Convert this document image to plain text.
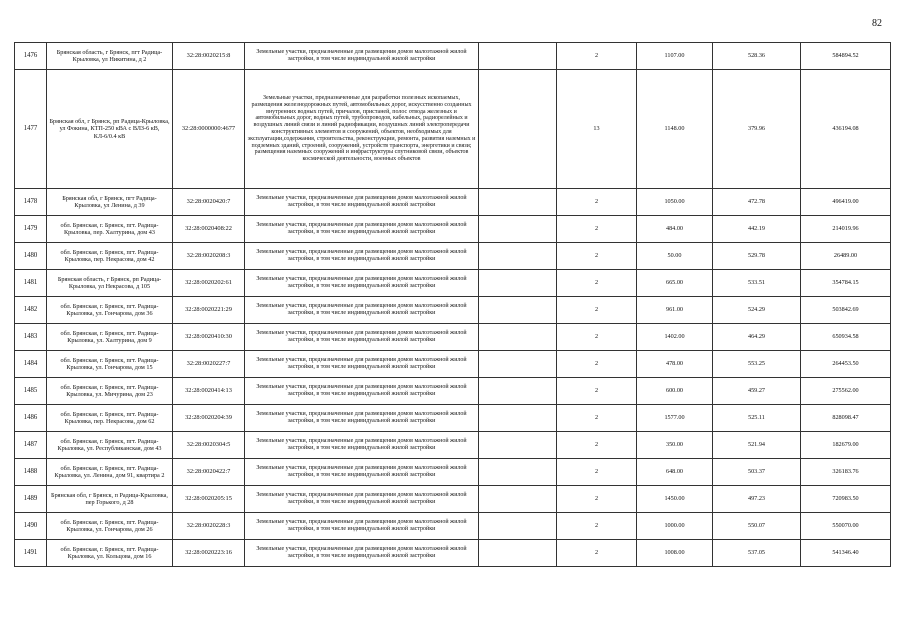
82
1476	Брянская область, г Брянск, пгт Радица-Крыловка, ул Никитина, д 2	32:28:0020215:8	Земельные участки, предназначенные для размещения домов малоэтажной жилой застройки, в том числе индивидуальной жилой застройки		2	1107.00	528.36	584894.52
1477	Брянская обл, г Брянск, рп Радица-Крыловка, ул Фокина, КТП-250 кВА с ВЛЗ-6 кВ, КЛ-6/0.4 кВ	32:28:0000000:4677	Земельные участки, предназначенные для разработки полезных ископаемых, размещения железнодорожных путей, автомобильных дорог, искусственно созданных внутренних водных путей, причалов, пристаней, полос отвода железных и автомобильных дорог, водных путей, трубопроводов, кабельных, радиорелейных и воздушных линий связи и линий радиофикации, воздушных линий электропередачи конструктивных элементов и сооружений, объектов, необходимых для эксплуатации,содержания, строительства, реконструкции, ремонта, развития наземных и подземных зданий, строений, сооружений, устройств транспорта, энергетики и связи; размещения наземных сооружений и инфраструктуры спутниковой связи, объектов космической деятельности, военных объектов		13	1148.00	379.96	436194.08
1478	Брянская обл, г Брянск, пгт Радица-Крыловка, ул Ленина, д 39	32:28:0020420:7	Земельные участки, предназначенные для размещения домов малоэтажной жилой застройки, в том числе индивидуальной жилой застройки		2	1050.00	472.78	496419.00
1479	обл. Брянская, г. Брянск, пгт. Радица-Крыловка, пер. Халтурина, дом 43	32:28:0020408:22	Земельные участки, предназначенные для размещения домов малоэтажной жилой застройки, в том числе индивидуальной жилой застройки		2	484.00	442.19	214019.96
1480	обл. Брянская, г. Брянск, пгт. Радица-Крыловка, пер. Некрасова, дом 42	32:28:0020208:3	Земельные участки, предназначенные для размещения домов малоэтажной жилой застройки, в том числе индивидуальной жилой застройки		2	50.00	529.78	26489.00
1481	Брянская область, г Брянск, рп Радица-Крыловка, ул Некрасова, д 105	32:28:0020202:61	Земельные участки, предназначенные для размещения домов малоэтажной жилой застройки, в том числе индивидуальной жилой застройки		2	665.00	533.51	354784.15
1482	обл. Брянская, г. Брянск, пгт. Радица-Крыловка, ул. Гончарова, дом 36	32:28:0020221:29	Земельные участки, предназначенные для размещения домов малоэтажной жилой застройки, в том числе индивидуальной жилой застройки		2	961.00	524.29	503842.69
1483	обл. Брянская, г. Брянск, пгт. Радица-Крыловка, ул. Халтурина, дом 9	32:28:0020410:30	Земельные участки, предназначенные для размещения домов малоэтажной жилой застройки, в том числе индивидуальной жилой застройки		2	1402.00	464.29	650934.58
1484	обл. Брянская, г. Брянск, пгт. Радица-Крыловка, ул. Гончарова, дом 15	32:28:0020227:7	Земельные участки, предназначенные для размещения домов малоэтажной жилой застройки, в том числе индивидуальной жилой застройки		2	478.00	553.25	264453.50
1485	обл. Брянская, г. Брянск, пгт. Радица-Крыловка, ул. Мичурина, дом 23	32:28:0020414:13	Земельные участки, предназначенные для размещения домов малоэтажной жилой застройки, в том числе индивидуальной жилой застройки		2	600.00	459.27	275562.00
1486	обл. Брянская, г. Брянск, пгт. Радица-Крыловка, пер. Некрасова, дом 62	32:28:0020204:39	Земельные участки, предназначенные для размещения домов малоэтажной жилой застройки, в том числе индивидуальной жилой застройки		2	1577.00	525.11	828098.47
1487	обл. Брянская, г. Брянск, пгт. Радица-Крыловка, ул. Республиканская, дом 43	32:28:0020304:5	Земельные участки, предназначенные для размещения домов малоэтажной жилой застройки, в том числе индивидуальной жилой застройки		2	350.00	521.94	182679.00
1488	обл. Брянская, г. Брянск, пгт. Радица-Крыловка, ул. Ленина, дом 91, квартира 2	32:28:0020422:7	Земельные участки, предназначенные для размещения домов малоэтажной жилой застройки, в том числе индивидуальной жилой застройки		2	648.00	503.37	326183.76
1489	Брянская обл, г Брянск, п Радица-Крыловка, пер Горького, д 28	32:28:0020205:15	Земельные участки, предназначенные для размещения домов малоэтажной жилой застройки, в том числе индивидуальной жилой застройки		2	1450.00	497.23	720983.50
1490	обл. Брянская, г. Брянск, пгт. Радица-Крыловка, ул. Гончарова, дом 26	32:28:0020228:3	Земельные участки, предназначенные для размещения домов малоэтажной жилой застройки, в том числе индивидуальной жилой застройки		2	1000.00	550.07	550070.00
1491	обл. Брянская, г. Брянск, пгт. Радица-Крыловка, ул. Кольцова, дом 16	32:28:0020223:16	Земельные участки, предназначенные для размещения домов малоэтажной жилой застройки, в том числе индивидуальной жилой застройки		2	1008.00	537.05	541346.40
